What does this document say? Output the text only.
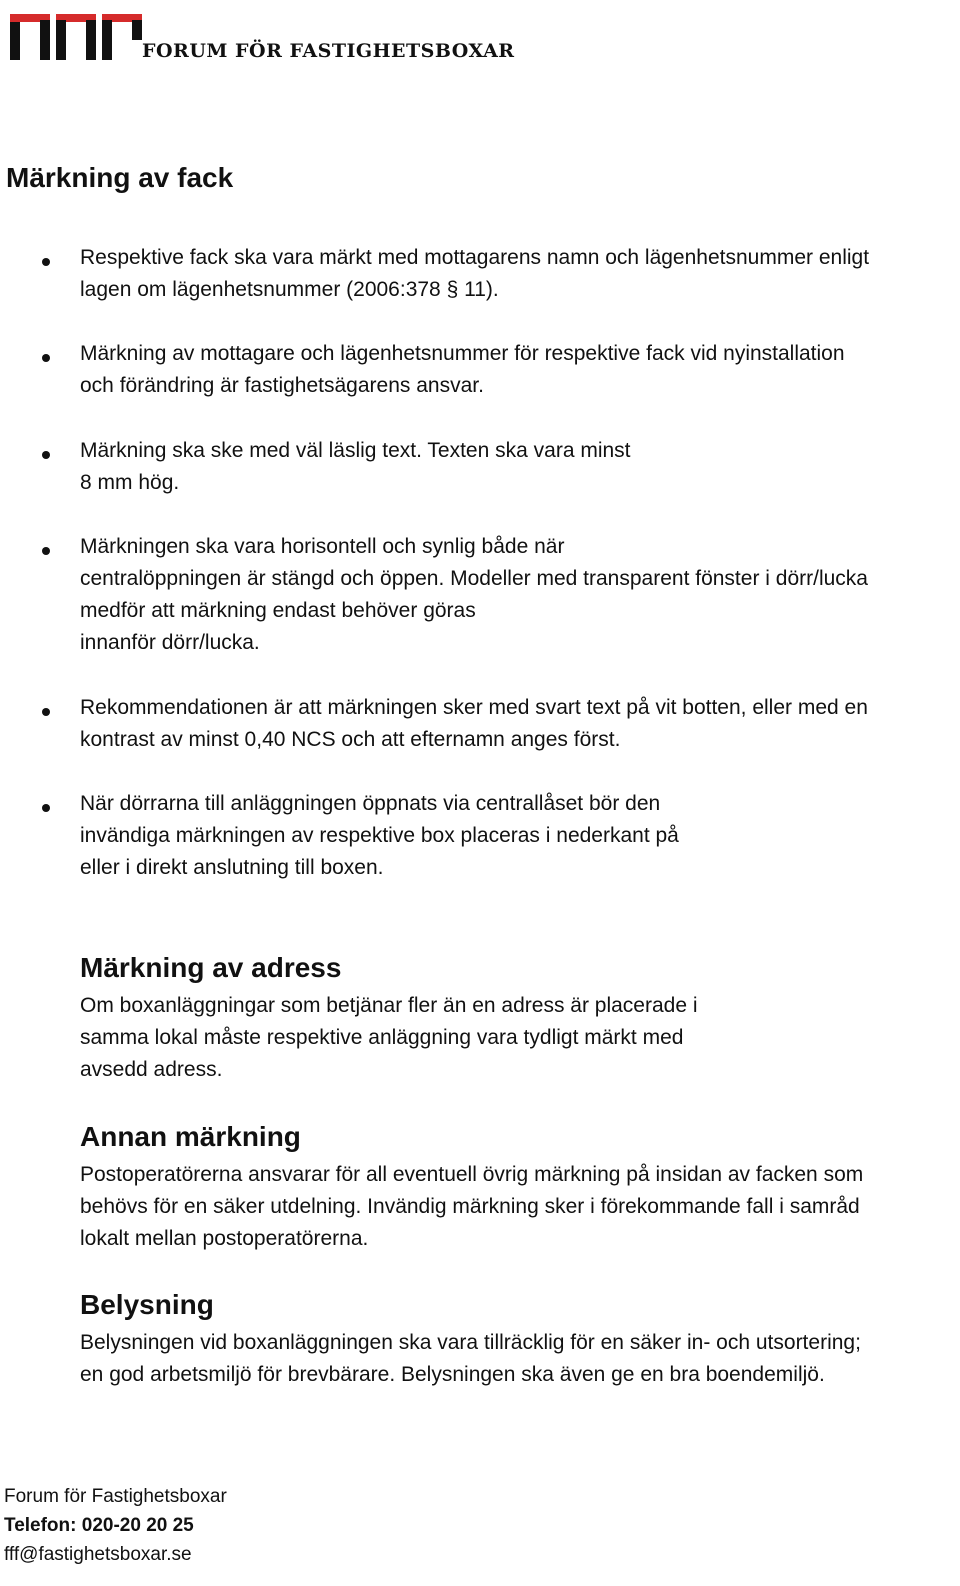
FORUM FÖR FASTIGHETSBOXAR
Märkning av fack
Respektive fack ska vara märkt med mottagarens namn och lägenhetsnummer enligt
lagen om lägenhetsnummer (2006:378 § 11).
Märkning av mottagare och lägenhetsnummer för respektive fack vid nyinstallation
och förändring är fastighetsägarens ansvar.
Märkning ska ske med väl läslig text. Texten ska vara minst
8 mm hög.
Märkningen ska vara horisontell och synlig både när
centralöppningen är stängd och öppen. Modeller med transparent fönster i dörr/lucka
medför att märkning endast behöver göras
innanför dörr/lucka.
Rekommendationen är att märkningen sker med svart text på vit botten, eller med en
kontrast av minst 0,40 NCS och att efternamn anges först.
När dörrarna till anläggningen öppnats via centrallåset bör den
invändiga märkningen av respektive box placeras i nederkant på
eller i direkt anslutning till boxen.
Märkning av adress
Om boxanläggningar som betjänar fler än en adress är placerade i
samma lokal måste respektive anläggning vara tydligt märkt med
avsedd adress.
Annan märkning
Postoperatörerna ansvarar för all eventuell övrig märkning på insidan av facken som
behövs för en säker utdelning. Invändig märkning sker i förekommande fall i samråd
lokalt mellan postoperatörerna.
Belysning
Belysningen vid boxanläggningen ska vara tillräcklig för en säker in- och utsortering;
en god arbetsmiljö för brevbärare. Belysningen ska även ge en bra boendemiljö.
Forum för Fastighetsboxar
Telefon: 020-20 20 25
fff@fastighetsboxar.se
